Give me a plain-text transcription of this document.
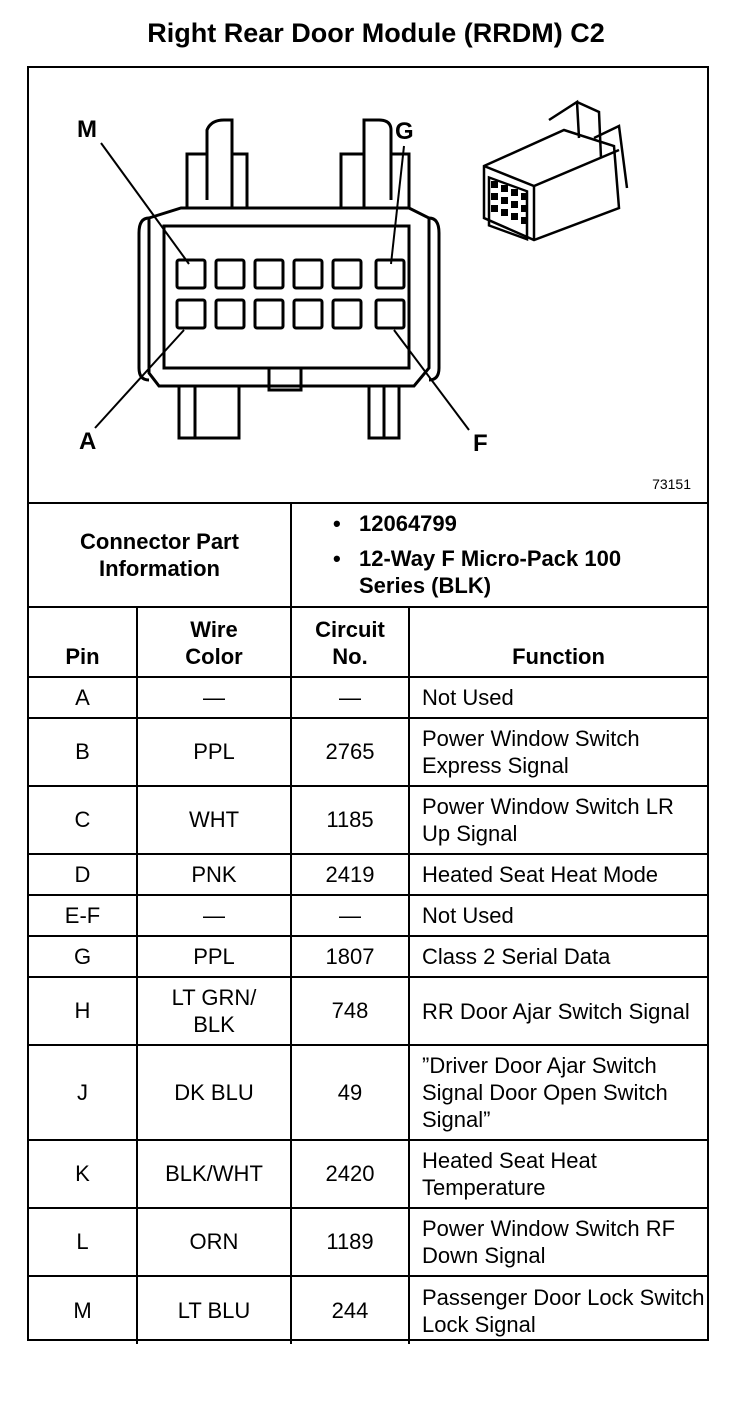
Right Rear Door Module (RRDM) C2
M	G
A	F
73151
Connector Part Information
• 12064799
• 12-Way F Micro-Pack 100 Series (BLK)
Pin	Wire Color	Circuit No.	Function
A	—	—	Not Used
B	PPL	2765	Power Window Switch Express Signal
C	WHT	1185	Power Window Switch LR Up Signal
D	PNK	2419	Heated Seat Heat Mode
E-F	—	—	Not Used
G	PPL	1807	Class 2 Serial Data
H	LT GRN/ BLK	748	RR Door Ajar Switch Signal
J	DK BLU	49	”Driver Door Ajar Switch Signal Door Open Switch Signal”
K	BLK/WHT	2420	Heated Seat Heat Temperature
L	ORN	1189	Power Window Switch RF Down Signal
M	LT BLU	244	Passenger Door Lock Switch Lock Signal
